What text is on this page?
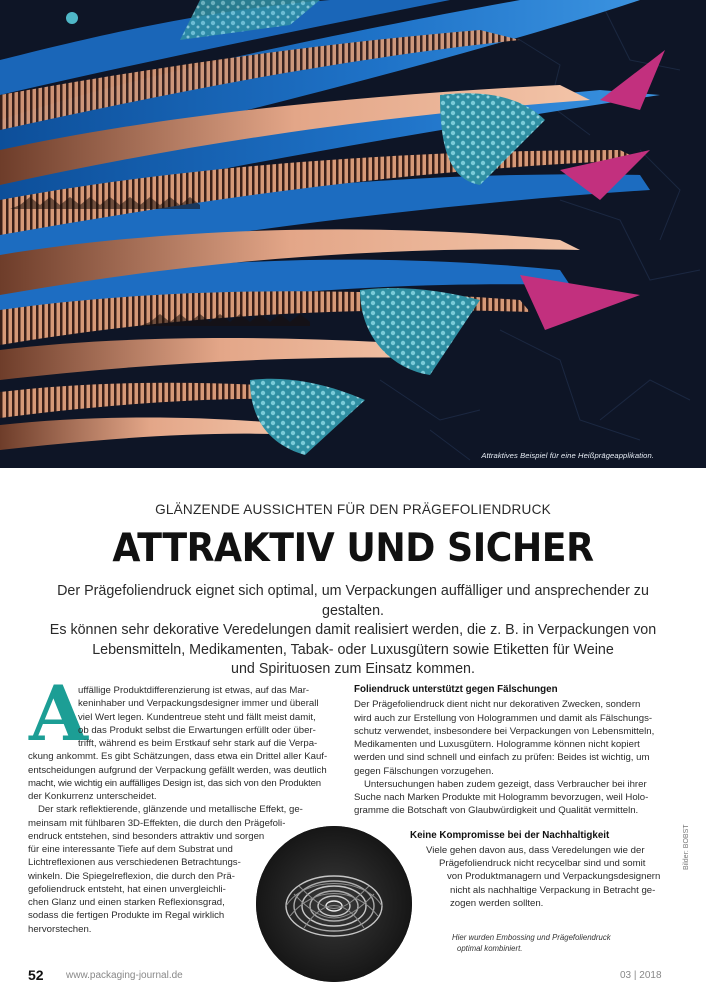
Attraktives Beispiel für eine Heißprägeapplikation.
GLÄNZENDE AUSSICHTEN FÜR DEN PRÄGEFOLIENDRUCK
ATTRAKTIV UND SICHER
Der Prägefoliendruck eignet sich optimal, um Verpackungen auffälliger und ansprechender zu gestalten.
Es können sehr dekorative Veredelungen damit realisiert werden, die z. B. in Verpackungen von
Lebensmitteln, Medikamenten, Tabak- oder Luxusgütern sowie Etiketten für Weine
und Spirituosen zum Einsatz kommen.
A
uffällige Produktdifferenzierung ist etwas, auf das Mar-
keninhaber und Verpackungsdesigner immer und überall
viel Wert legen. Kundentreue steht und fällt meist damit,
ob das Produkt selbst die Erwartungen erfüllt oder über-
trifft, während es beim Erstkauf sehr stark auf die Verpa-
ckung ankommt. Es gibt Schätzungen, dass etwa ein Drittel aller Kauf-
entscheidungen aufgrund der Verpackung gefällt werden, was deutlich
macht, wie wichtig ein auffälliges Design ist, das sich von den Produkten
der Konkurrenz unterscheidet.
Der stark reflektierende, glänzende und metallische Effekt, ge-
meinsam mit fühlbaren 3D-Effekten, die durch den Prägefoli-
endruck entstehen, sind besonders attraktiv und sorgen
für eine interessante Tiefe auf dem Substrat und
Lichtreflexionen aus verschiedenen Betrachtungs-
winkeln. Die Spiegelreflexion, die durch den Prä-
gefoliendruck entsteht, hat einen unvergleichli-
chen Glanz und einen starken Reflexionsgrad,
sodass die fertigen Produkte im Regal wirklich
hervorstechen.
Foliendruck unterstützt gegen Fälschungen
Der Prägefoliendruck dient nicht nur dekorativen Zwecken, sondern
wird auch zur Erstellung von Hologrammen und damit als Fälschungs-
schutz verwendet, insbesondere bei Verpackungen von Lebensmitteln,
Medikamenten und Luxusgütern. Hologramme können nicht kopiert
werden und sind schnell und einfach zu prüfen: Beides ist wichtig, um
gegen Fälschungen vorzugehen.
Untersuchungen haben zudem gezeigt, dass Verbraucher bei ihrer
Suche nach Marken Produkte mit Hologramm bevorzugen, weil Holo-
gramme die Botschaft von Glaubwürdigkeit und Qualität vermitteln.
Keine Kompromisse bei der Nachhaltigkeit
Viele gehen davon aus, dass Veredelungen wie der
Prägefoliendruck nicht recycelbar sind und somit
von Produktmanagern und Verpackungsdesignern
nicht als nachhaltige Verpackung in Betracht ge-
zogen werden sollten.
Hier wurden Embossing und Prägefoliendruck
optimal kombiniert.
Bilder: BOBST
52 www.packaging-journal.de	03 | 2018
